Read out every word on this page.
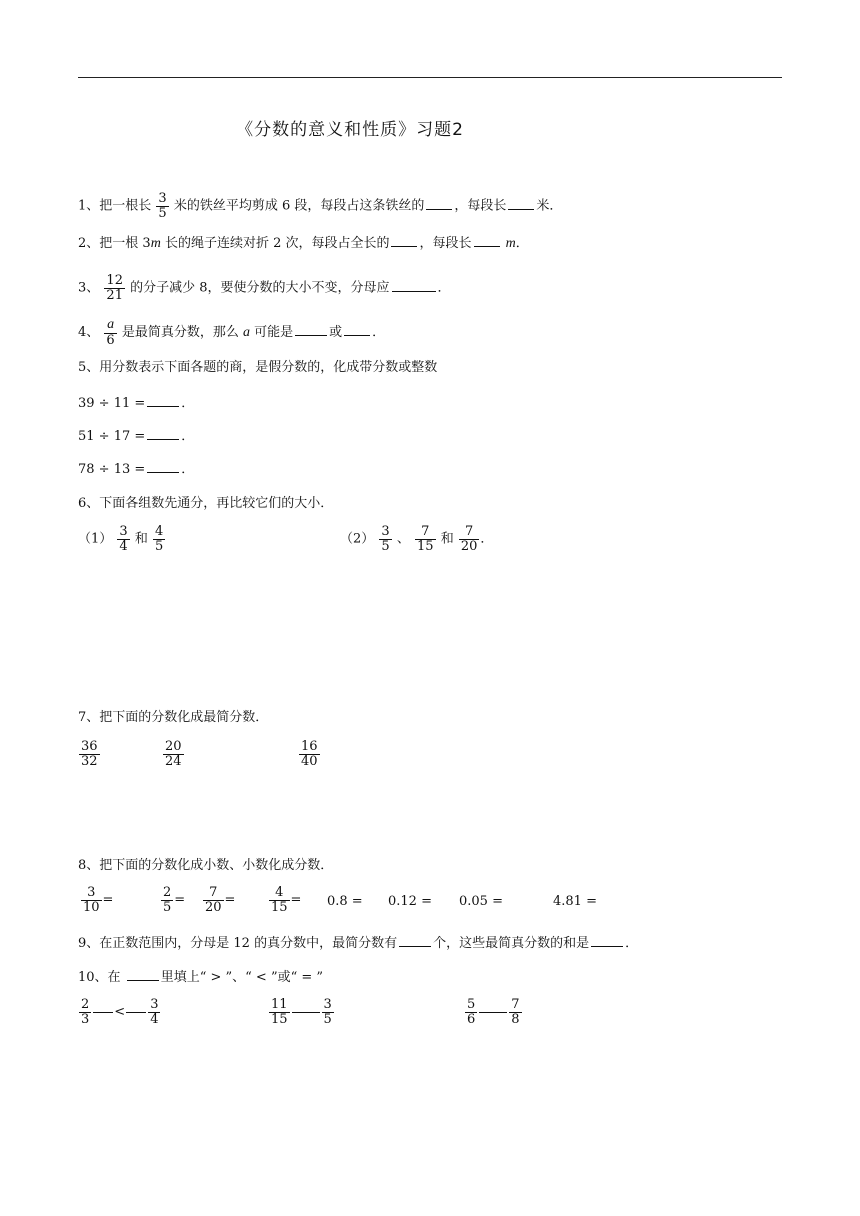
《分数的意义和性质》习题2
1、把一根长 $\frac{3}{5}$ 米的铁丝平均剪成 6 段，每段占这条铁丝的 ，每段长 米．
2、把一根 3m 长的绳子连续对折 2 次，每段占全长的 ，每段长 m．
3、 $\frac{12}{21}$ 的分子减少 8，要使分数的大小不变，分母应	．
4、 $\frac{a}{6}$ 是最简真分数，那么 a 可能是	或 ．
5、用分数表示下面各题的商，是假分数的，化成带分数或整数
39 ÷ 11 =	．
51 ÷ 17 =	．
78 ÷ 13 =	．
6、下面各组数先通分，再比较它们的大小．
$(1) \frac{3}{4}$ 和 $\frac{4}{5}$	$(2) \frac{3}{5}$ 、 $\frac{7}{15}$ 和 $\frac{7}{20}$ ．
7、把下面的分数化成最简分数．
$\frac{36}{32}$	$\frac{20}{24}$	$\frac{16}{40}$
8、把下面的分数化成小数、小数化成分数．
$\frac{3}{10}$ =	$\frac{2}{5} = \frac{7}{20}$ =	$\frac{4}{15} = 0.8 = 0.12 = 0.05$ =	4.81 =
9、在正数范围内，分母是 12 的真分数中，最简分数有	个，这些最简真分数的和是	．
10、在	里填上“ > ”、“ < ”或“ = ”
$\frac{2}{3} < \frac{3}{4}$	$\frac{11}{15} \frac{3}{5}$	$\frac{5}{6} \frac{7}{8}$
